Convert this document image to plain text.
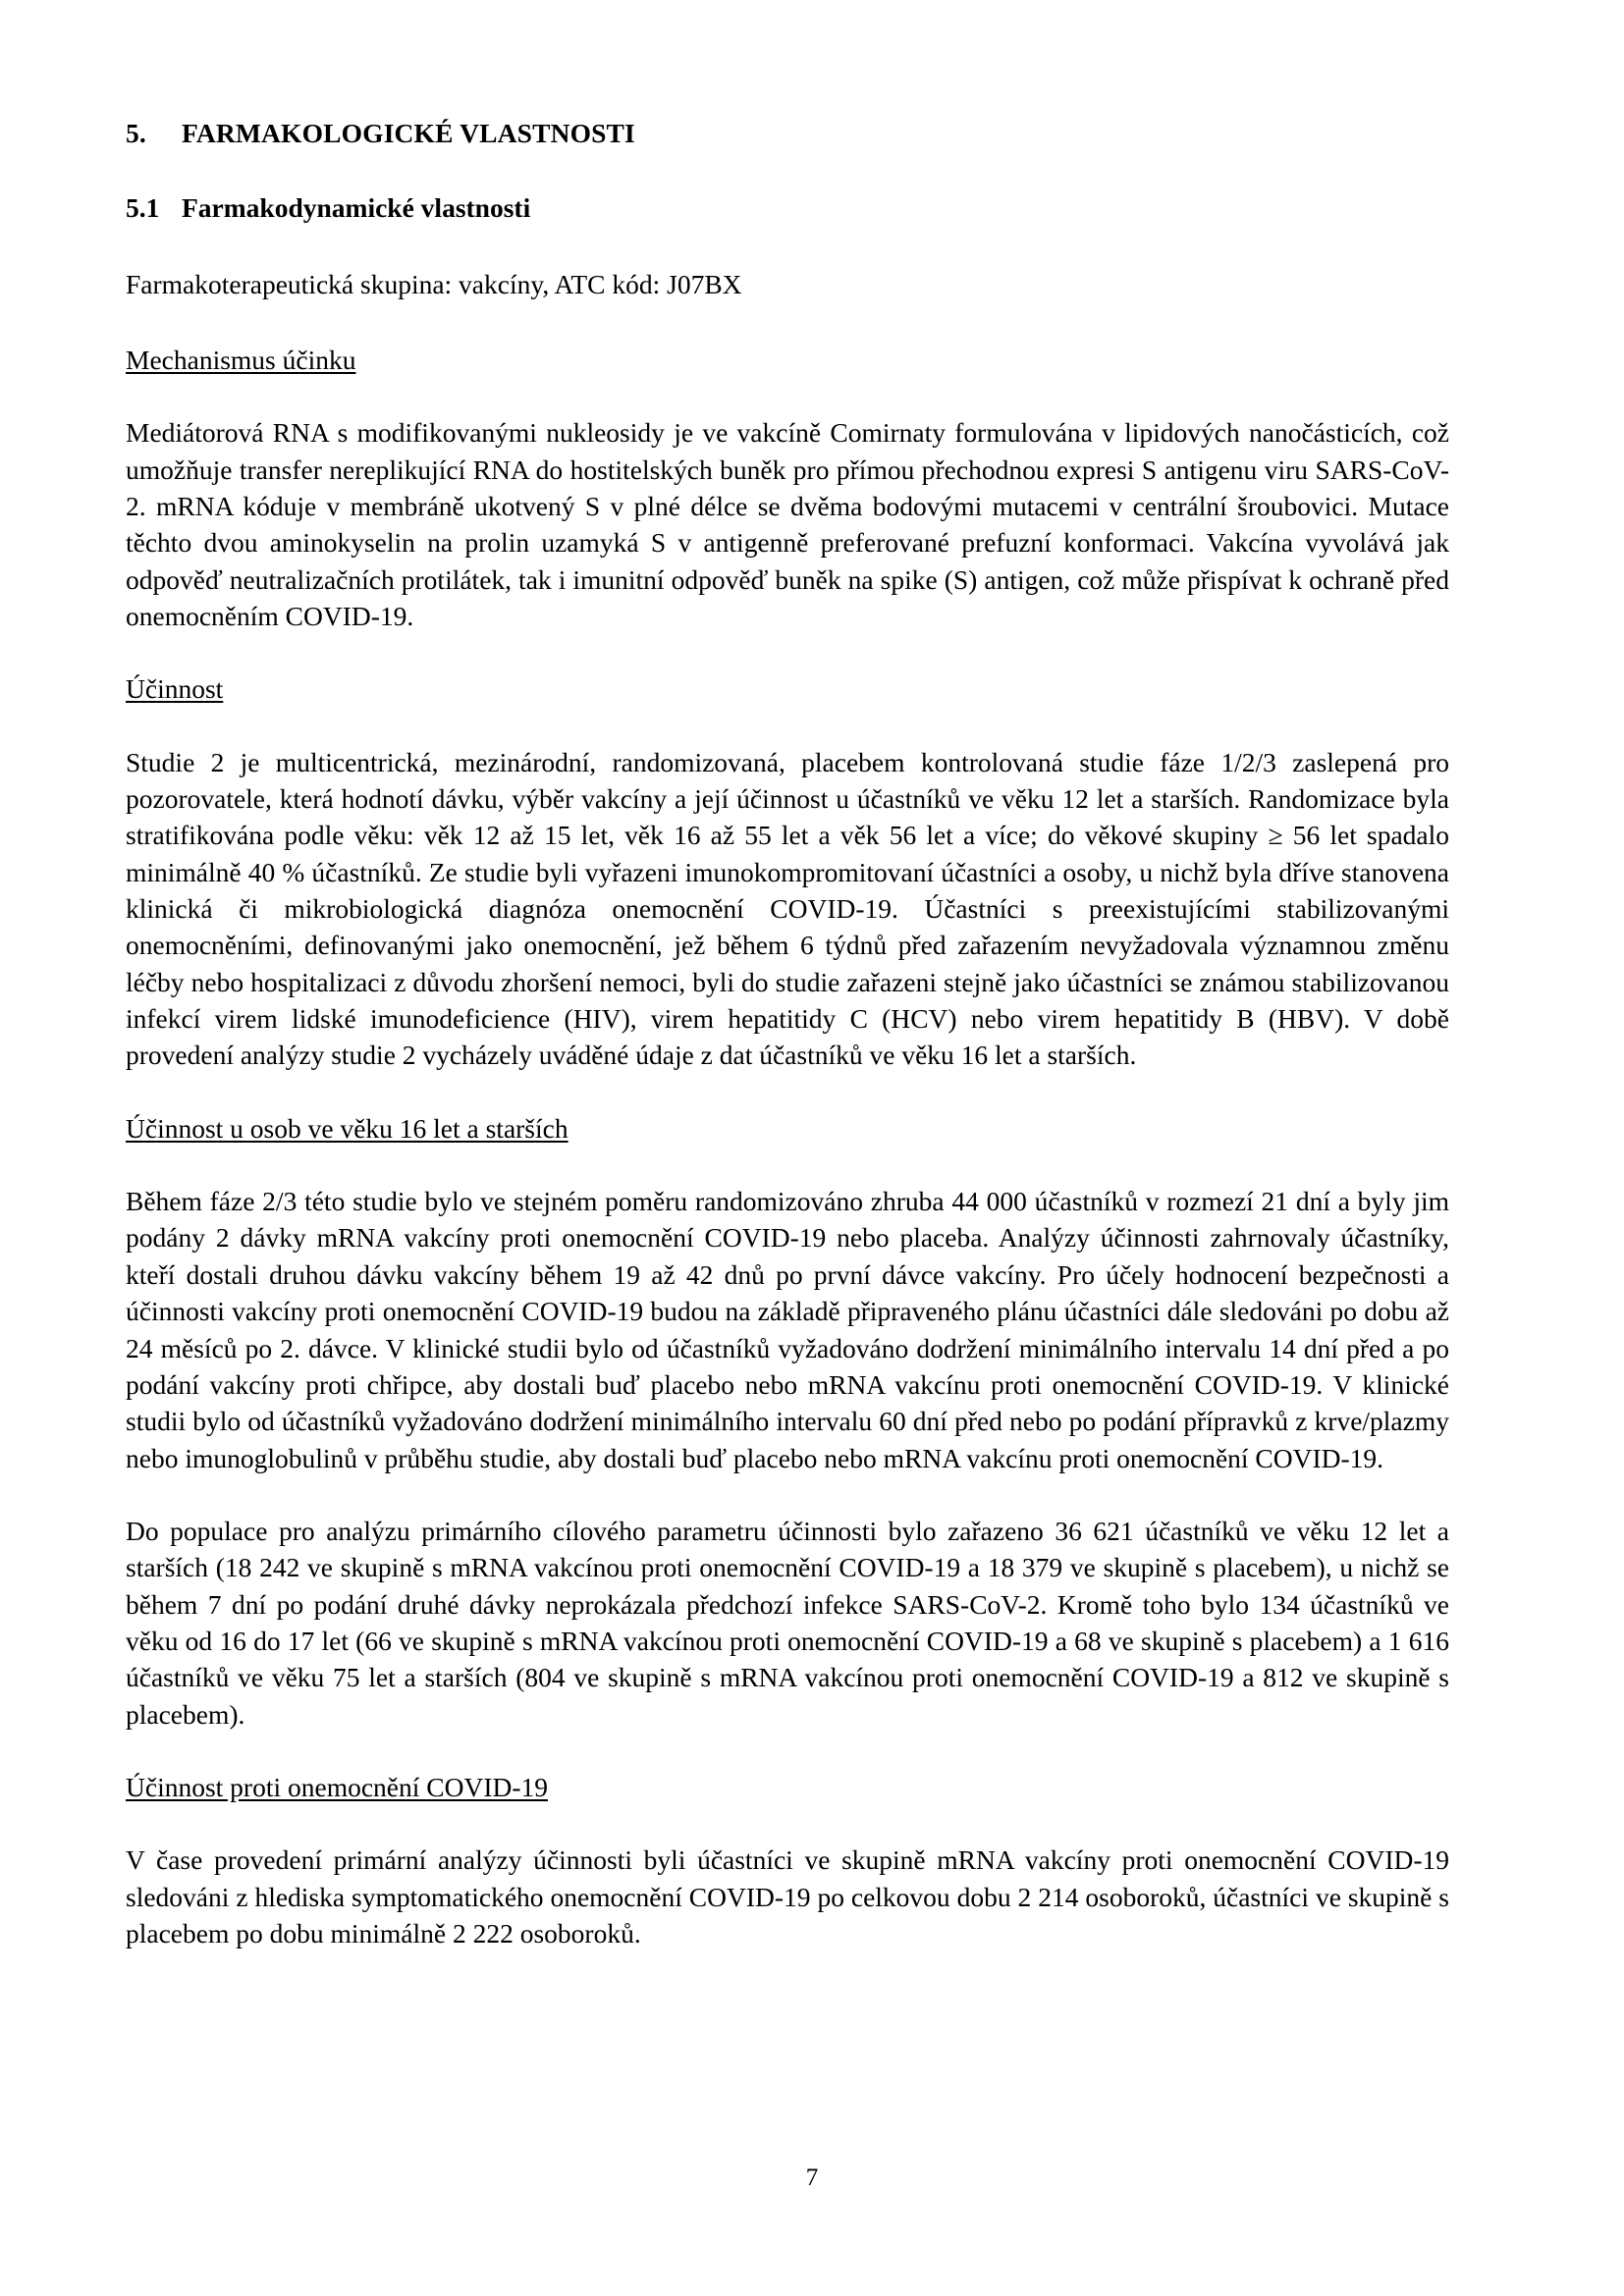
5.	FARMAKOLOGICKÉ VLASTNOSTI
5.1 Farmakodynamické vlastnosti

Farmakoterapeutická skupina: vakcíny, ATC kód: J07BX

Mechanismus účinku

Mediátorová RNA s modifikovanými nukleosidy je ve vakcíně Comirnaty formulována v lipidových nanočásticích, což umožňuje transfer nereplikující RNA do hostitelských buněk pro přímou přechodnou expresi S antigenu viru SARS-CoV-2. mRNA kóduje v membráně ukotvený S v plné délce se dvěma bodovými mutacemi v centrální šroubovici. Mutace těchto dvou aminokyselin na prolin uzamyká S v antigenně preferované prefuzní konformaci. Vakcína vyvolává jak odpověď neutralizačních protilátek, tak i imunitní odpověď buněk na spike (S) antigen, což může přispívat k ochraně před onemocněním COVID-19.

Účinnost

Studie 2 je multicentrická, mezinárodní, randomizovaná, placebem kontrolovaná studie fáze 1/2/3 zaslepená pro pozorovatele, která hodnotí dávku, výběr vakcíny a její účinnost u účastníků ve věku 12 let a starších. Randomizace byla stratifikována podle věku: věk 12 až 15 let, věk 16 až 55 let a věk 56 let a více; do věkové skupiny ≥ 56 let spadalo minimálně 40 % účastníků. Ze studie byli vyřazeni imunokompromitovaní účastníci a osoby, u nichž byla dříve stanovena klinická či mikrobiologická diagnóza onemocnění COVID-19. Účastníci s preexistujícími stabilizovanými onemocněními, definovanými jako onemocnění, jež během 6 týdnů před zařazením nevyžadovala významnou změnu léčby nebo hospitalizaci z důvodu zhoršení nemoci, byli do studie zařazeni stejně jako účastníci se známou stabilizovanou infekcí virem lidské imunodeficience (HIV), virem hepatitidy C (HCV) nebo virem hepatitidy B (HBV). V době provedení analýzy studie 2 vycházely uváděné údaje z dat účastníků ve věku 16 let a starších.

Účinnost u osob ve věku 16 let a starších

Během fáze 2/3 této studie bylo ve stejném poměru randomizováno zhruba 44 000 účastníků v rozmezí 21 dní a byly jim podány 2 dávky mRNA vakcíny proti onemocnění COVID-19 nebo placeba. Analýzy účinnosti zahrnovaly účastníky, kteří dostali druhou dávku vakcíny během 19 až 42 dnů po první dávce vakcíny. Pro účely hodnocení bezpečnosti a účinnosti vakcíny proti onemocnění COVID-19 budou na základě připraveného plánu účastníci dále sledováni po dobu až 24 měsíců po 2. dávce. V klinické studii bylo od účastníků vyžadováno dodržení minimálního intervalu 14 dní před a po podání vakcíny proti chřipce, aby dostali buď placebo nebo mRNA vakcínu proti onemocnění COVID-19. V klinické studii bylo od účastníků vyžadováno dodržení minimálního intervalu 60 dní před nebo po podání přípravků z krve/plazmy nebo imunoglobulinů v průběhu studie, aby dostali buď placebo nebo mRNA vakcínu proti onemocnění COVID-19.

Do populace pro analýzu primárního cílového parametru účinnosti bylo zařazeno 36 621 účastníků ve věku 12 let a starších (18 242 ve skupině s mRNA vakcínou proti onemocnění COVID-19 a 18 379 ve skupině s placebem), u nichž se během 7 dní po podání druhé dávky neprokázala předchozí infekce SARS-CoV-2. Kromě toho bylo 134 účastníků ve věku od 16 do 17 let (66 ve skupině s mRNA vakcínou proti onemocnění COVID-19 a 68 ve skupině s placebem) a 1 616 účastníků ve věku 75 let a starších (804 ve skupině s mRNA vakcínou proti onemocnění COVID-19 a 812 ve skupině s placebem).

Účinnost proti onemocnění COVID-19

V čase provedení primární analýzy účinnosti byli účastníci ve skupině mRNA vakcíny proti onemocnění COVID-19 sledováni z hlediska symptomatického onemocnění COVID-19 po celkovou dobu 2 214 osoboroků, účastníci ve skupině s placebem po dobu minimálně 2 222 osoboroků.

7
